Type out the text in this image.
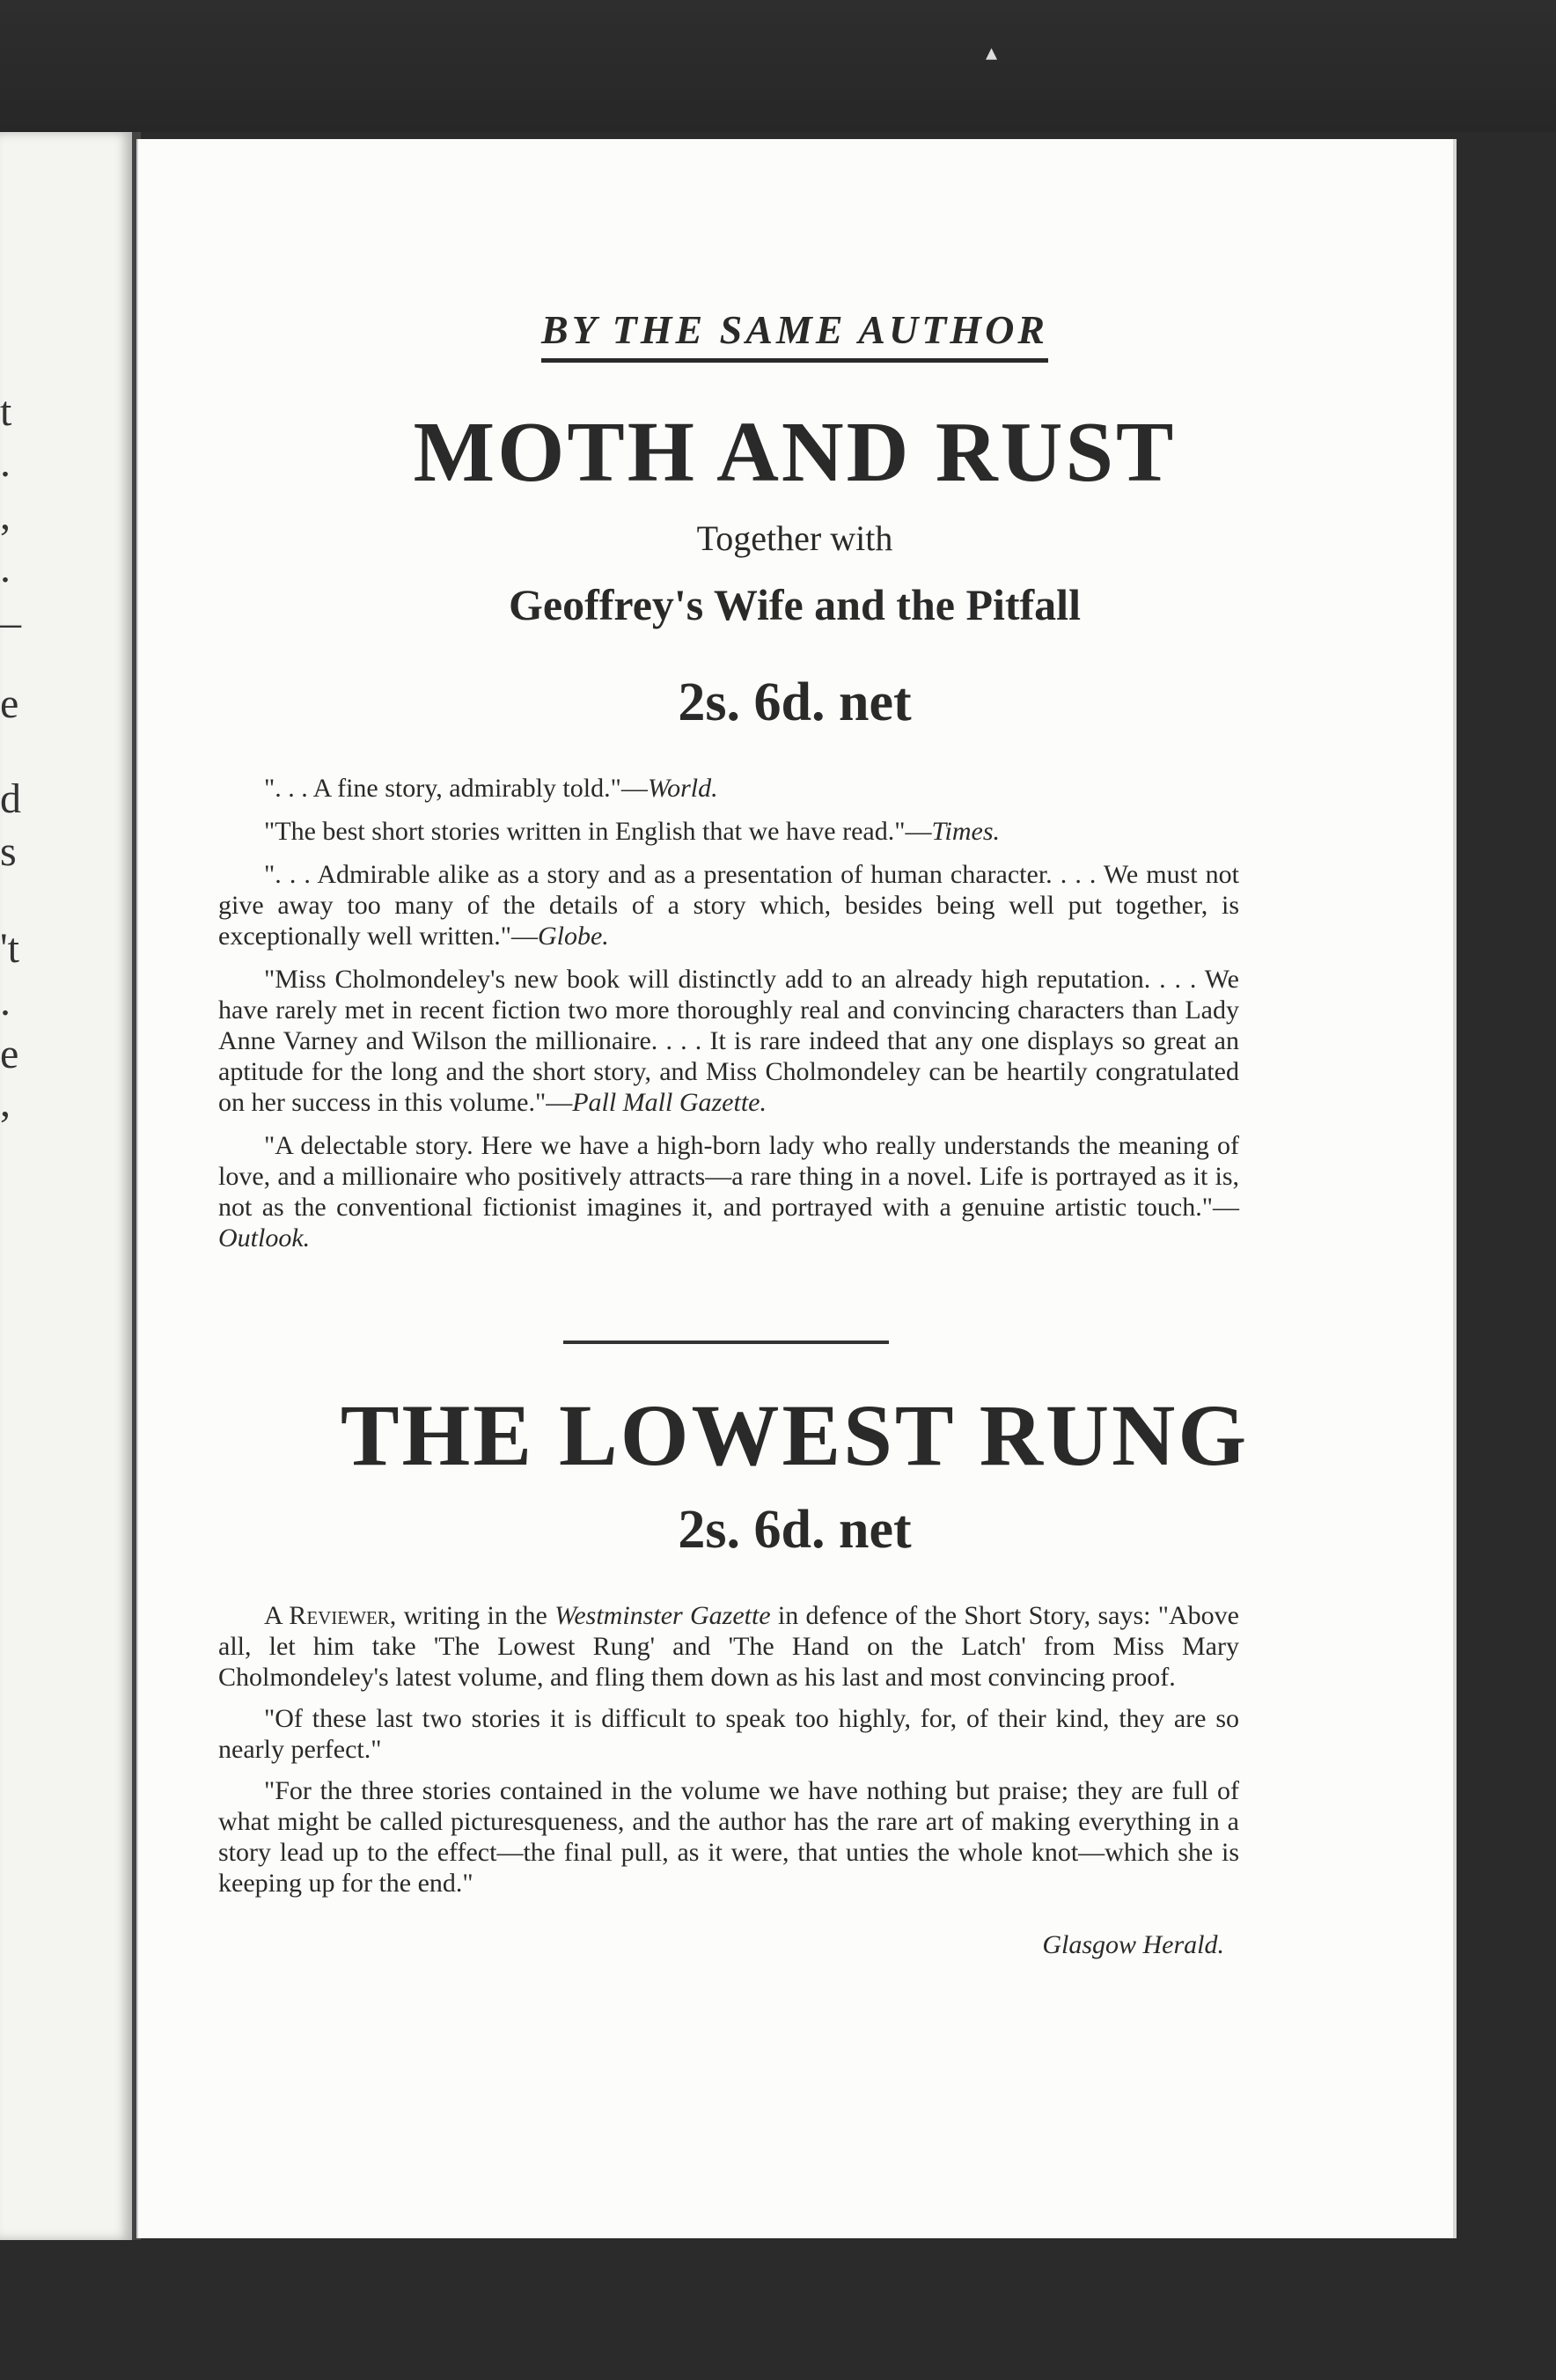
t
.
,
.
–
e
d
s
't
.
e
,
BY THE SAME AUTHOR
MOTH AND RUST
Together with
Geoffrey's Wife and the Pitfall
2s. 6d. net

". . . A fine story, admirably told."—World.

"The best short stories written in English that we have read."—Times.

". . . Admirable alike as a story and as a presentation of human character. . . . We must not give away too many of the details of a story which, besides being well put together, is exceptionally well written."—Globe.

"Miss Cholmondeley's new book will distinctly add to an already high reputation. . . . We have rarely met in recent fiction two more thoroughly real and convincing characters than Lady Anne Varney and Wilson the millionaire. . . . It is rare indeed that any one displays so great an aptitude for the long and the short story, and Miss Cholmondeley can be heartily congratulated on her success in this volume."—Pall Mall Gazette.

"A delectable story. Here we have a high-born lady who really understands the meaning of love, and a millionaire who positively attracts—a rare thing in a novel. Life is portrayed as it is, not as the conventional fictionist imagines it, and portrayed with a genuine artistic touch."—Outlook.

THE LOWEST RUNG
2s. 6d. net

A Reviewer, writing in the Westminster Gazette in defence of the Short Story, says: "Above all, let him take 'The Lowest Rung' and 'The Hand on the Latch' from Miss Mary Cholmondeley's latest volume, and fling them down as his last and most convincing proof.

"Of these last two stories it is difficult to speak too highly, for, of their kind, they are so nearly perfect."

"For the three stories contained in the volume we have nothing but praise; they are full of what might be called picturesqueness, and the author has the rare art of making everything in a story lead up to the effect—the final pull, as it were, that unties the whole knot—which she is keeping up for the end."

Glasgow Herald.
▴
